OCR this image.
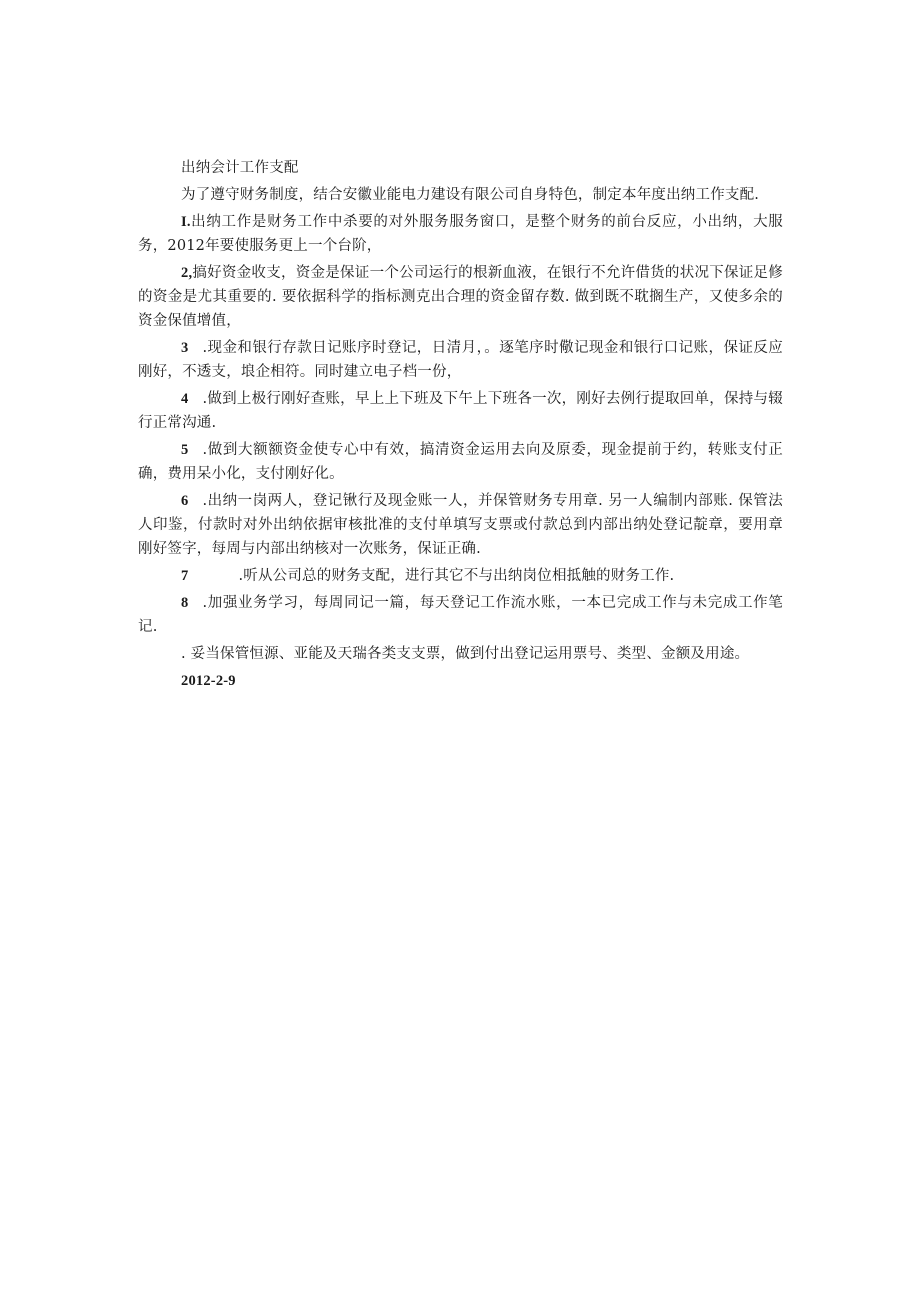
出纳会计工作支配

为了遵守财务制度，结合安徽业能电力建设有限公司自身特色，制定本年度出纳工作支配.

I.出纳工作是财务工作中杀要的对外服务服务窗口，是整个财务的前台反应，小出纳，大服务，2012年要使服务更上一个台阶，

2,搞好资金收支，资金是保证一个公司运行的根新血液，在银行不允许借货的状况下保证足修的资金是尤其重要的. 要依据科学的指标测克出合理的资金留存数. 做到既不耽搁生产，又使多余的资金保值增值，

3 .现金和银行存款日记账序时登记，日清月，。逐笔序时儆记现金和银行口记账，保证反应刚好，不透支，埌企相符。同时建立电子档一份，

4 .做到上极行刚好查账，早上上下班及下午上下班各一次，刚好去例行提取回单，保持与辍行正常沟通.

5 .做到大额额资金使专心中有效，搞清资金运用去向及原委，现金提前于约，转账支付正确，费用呆小化，支付刚好化。

6 .出纳一岗两人，登记锹行及现金账一人，并保管财务专用章. 另一人编制内部账. 保管法人印鉴，付款时对外出纳依据审核批准的支付单填写支票或付款总到内部出纳处登记靛章，要用章刚好签字，每周与内部出纳核对一次账务，保证正确.

7	.听从公司总的财务支配，进行其它不与出纳岗位相抵触的财务工作.

8 .加强业务学习，每周同记一篇，每天登记工作流水账，一本已完成工作与未完成工作笔记.

. 妥当保管恒源、亚能及天瑞各类支支票，做到付出登记运用票号、类型、金额及用途。

2012-2-9
